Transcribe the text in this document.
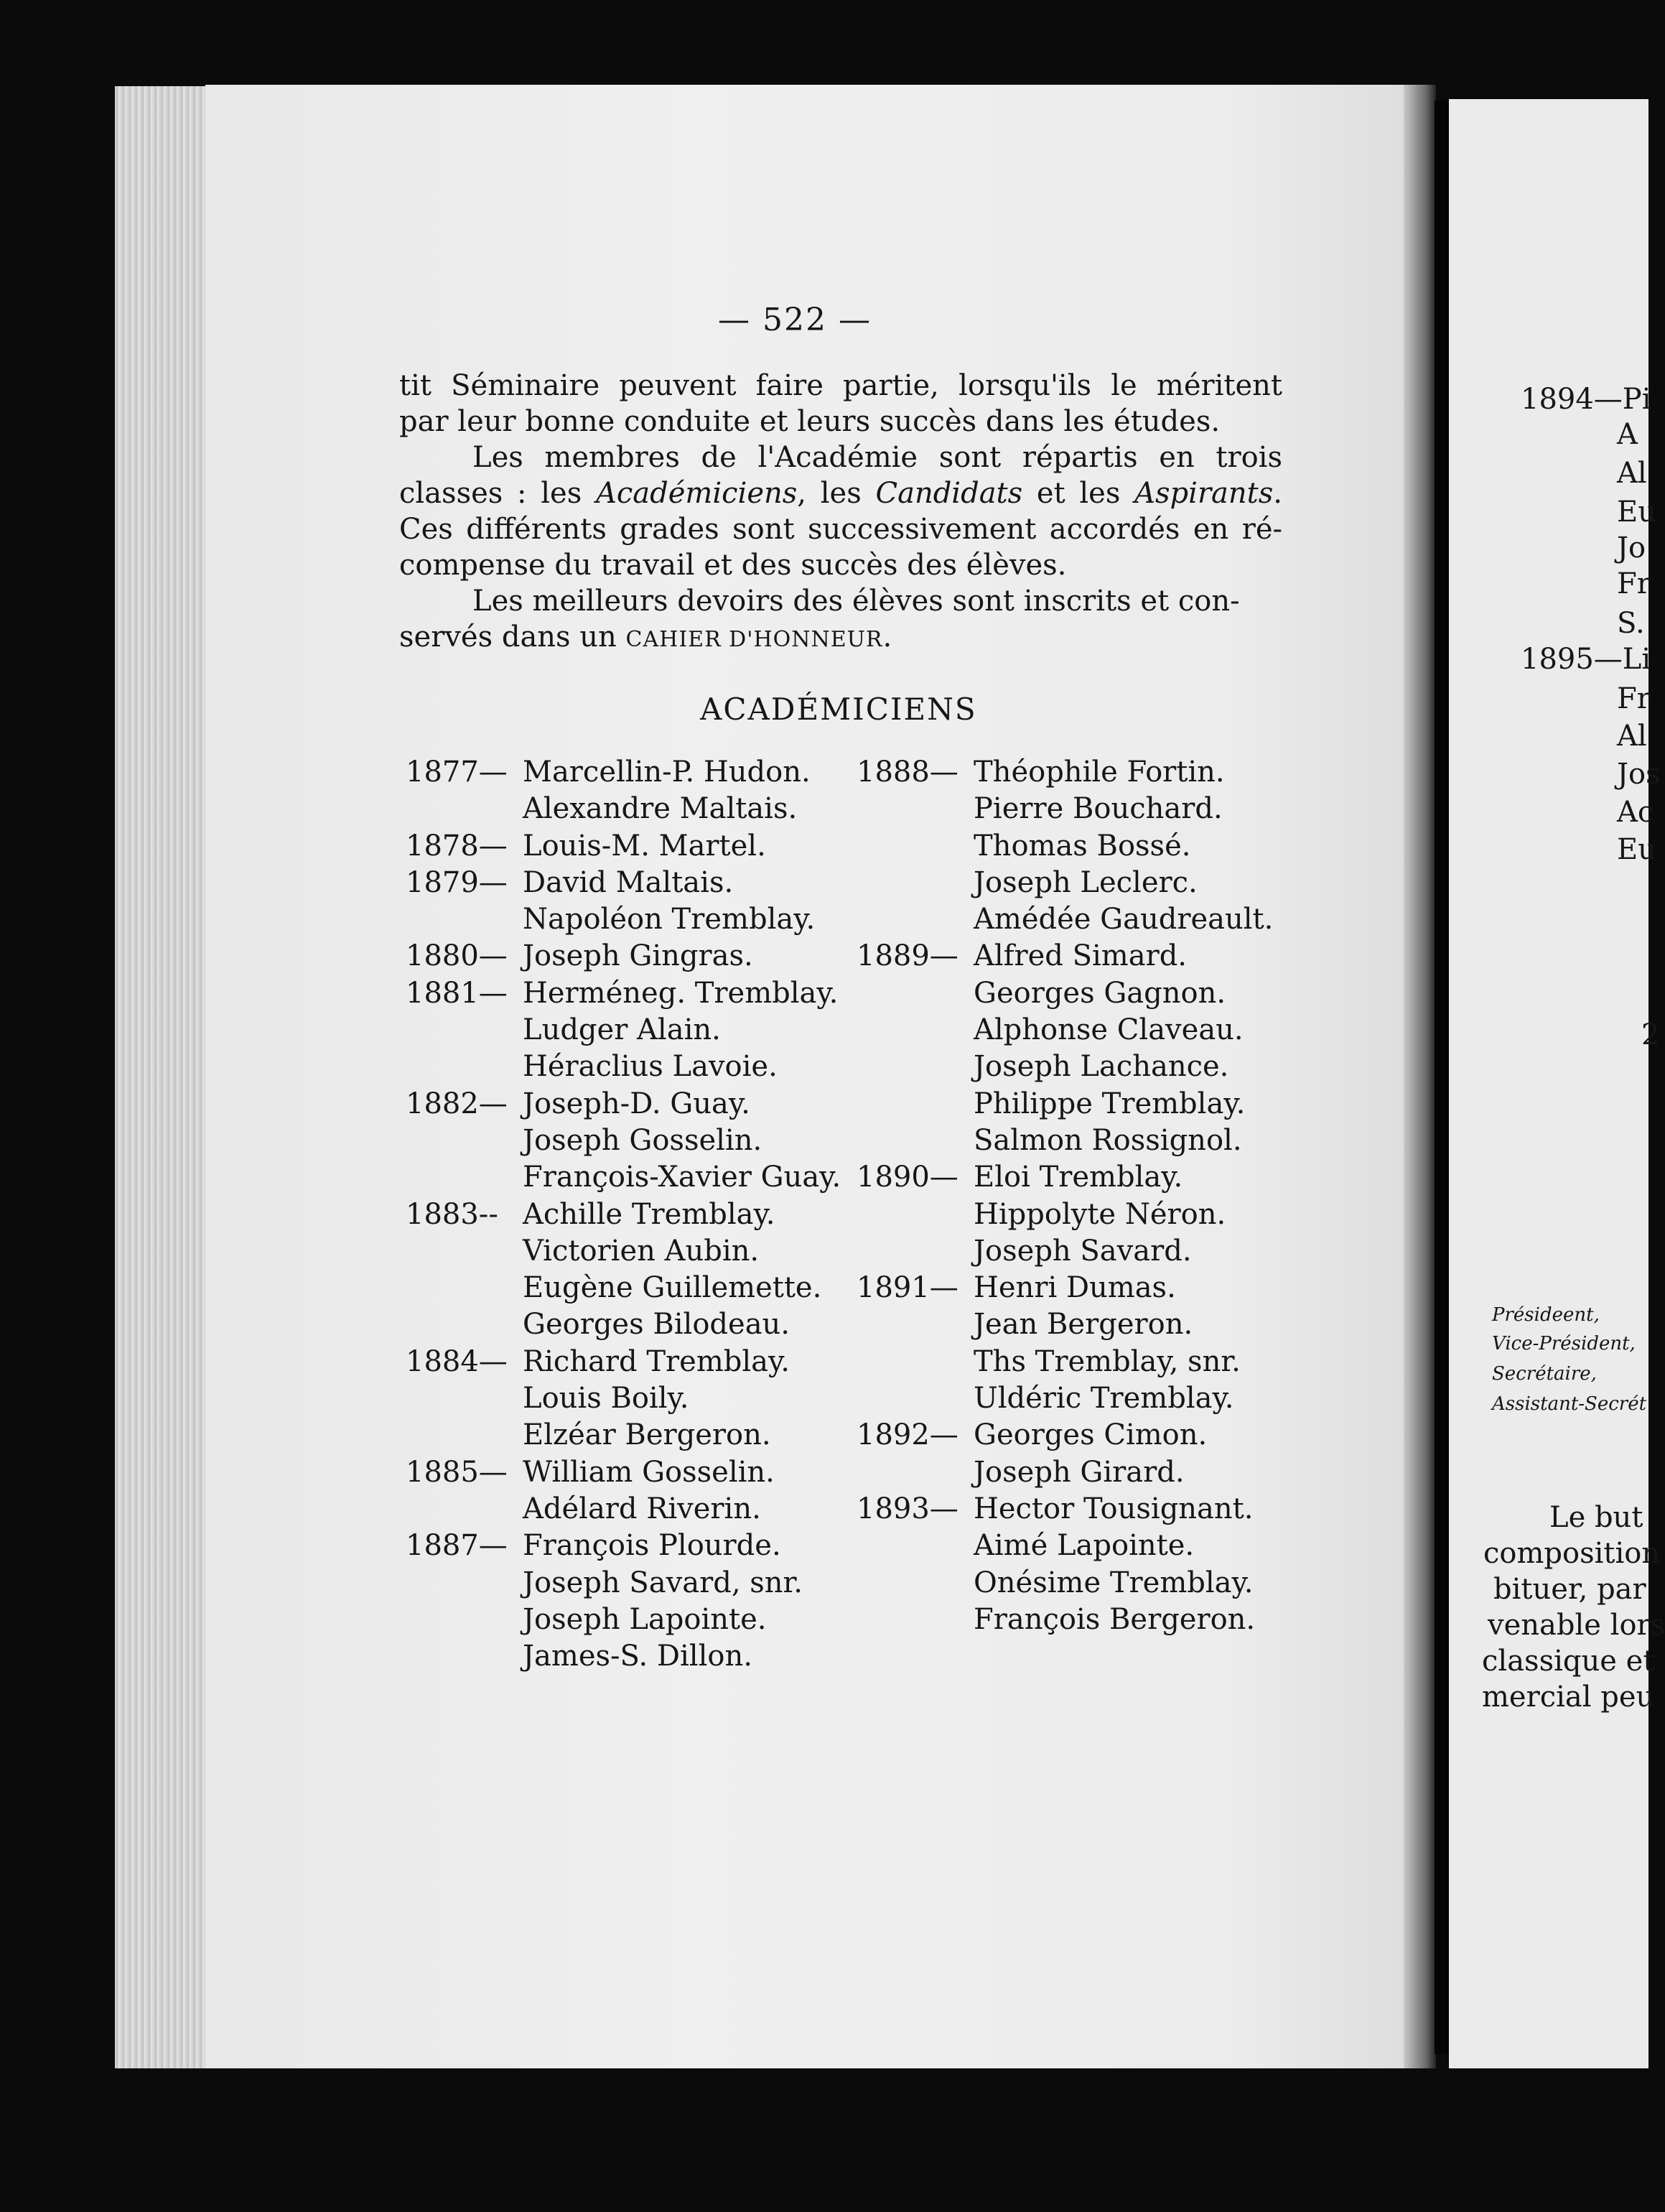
— 522 —
tit Séminaire peuvent faire partie, lorsqu'ils le méritent
par leur bonne conduite et leurs succès dans les études.
Les membres de l'Académie sont répartis en trois
classes : les Académiciens, les Candidats et les Aspirants.
Ces différents grades sont successivement accordés en ré-
compense du travail et des succès des élèves.
Les meilleurs devoirs des élèves sont inscrits et con-
servés dans un CAHIER D'HONNEUR.
ACADÉMICIENS
1877— Marcellin-P. Hudon.
Alexandre Maltais.
1878— Louis-M. Martel.
1879— David Maltais.
Napoléon Tremblay.
1880— Joseph Gingras.
1881— Herméneg. Tremblay.
Ludger Alain.
Héraclius Lavoie.
1882— Joseph-D. Guay.
Joseph Gosselin.
François-Xavier Guay.
1883-- Achille Tremblay.
Victorien Aubin.
Eugène Guillemette.
Georges Bilodeau.
1884— Richard Tremblay.
Louis Boily.
Elzéar Bergeron.
1885— William Gosselin.
Adélard Riverin.
1887— François Plourde.
Joseph Savard, snr.
Joseph Lapointe.
James-S. Dillon.
1888— Théophile Fortin.
Pierre Bouchard.
Thomas Bossé.
Joseph Leclerc.
Amédée Gaudreault.
1889— Alfred Simard.
Georges Gagnon.
Alphonse Claveau.
Joseph Lachance.
Philippe Tremblay.
Salmon Rossignol.
1890— Eloi Tremblay.
Hippolyte Néron.
Joseph Savard.
1891— Henri Dumas.
Jean Bergeron.
Ths Tremblay, snr.
Uldéric Tremblay.
1892— Georges Cimon.
Joseph Girard.
1893— Hector Tousignant.
Aimé Lapointe.
Onésime Tremblay.
François Bergeron.
1894—Pi
A
Al
Eu
Jo
Fr
S.
1895—Li
Fr
Al
Jos
Ac
Eu
2
Présideent,
Vice-Président,
Secrétaire,
Assistant-Secrét
Le but
composition
bituer, par
venable lors
classique et
mercial peu
